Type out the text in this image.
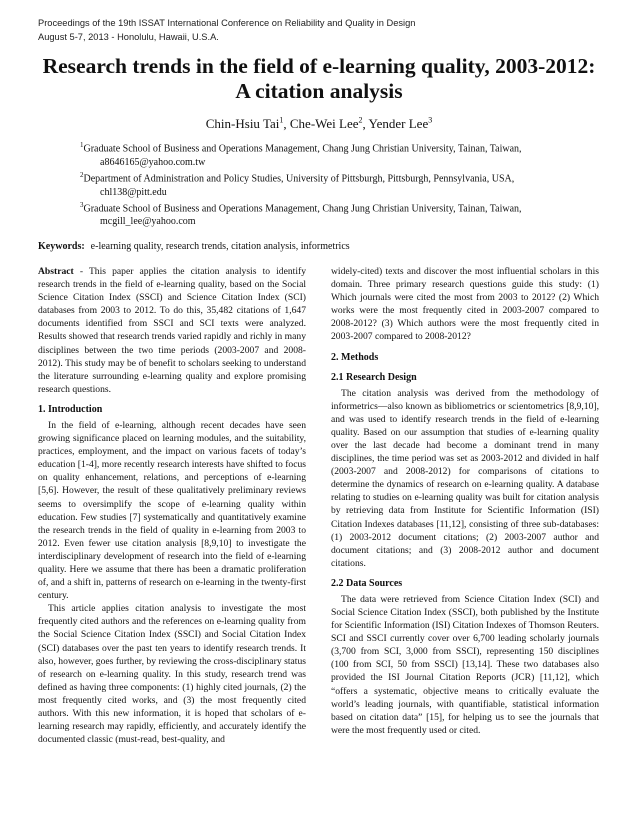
Proceedings of the 19th ISSAT International Conference on Reliability and Quality in Design
August 5-7, 2013 - Honolulu, Hawaii, U.S.A.
Research trends in the field of e-learning quality, 2003-2012:
A citation analysis
Chin-Hsiu Tai$^1$, Che-Wei Lee$^2$, Yender Lee$^3$
$^1$Graduate School of Business and Operations Management, Chang Jung Christian University, Tainan, Taiwan,
a8646165@yahoo.com.tw
$^2$Department of Administration and Policy Studies, University of Pittsburgh, Pittsburgh, Pennsylvania, USA,
chl138@pitt.edu
$^3$Graduate School of Business and Operations Management, Chang Jung Christian University, Tainan, Taiwan,
mcgill_lee@yahoo.com
Keywords: e-learning quality, research trends, citation analysis, informetrics

Abstract - This paper applies the citation analysis to identify research trends in the field of e-learning quality, based on the Social Science Citation Index (SSCI) and Science Citation Index (SCI) databases from 2003 to 2012. To do this, 35,482 citations of 1,647 documents identified from SSCI and SCI texts were analyzed. Results showed that research trends varied rapidly and richly in many disciplines between the two time periods (2003-2007 and 2008-2012). This study may be of benefit to scholars seeking to understand the literature surrounding e-learning quality and explore promising research questions.

1. Introduction

In the field of e-learning, although recent decades have seen growing significance placed on learning modules, and the suitability, practices, employment, and the impact on various facets of today’s education [1-4], more recently research interests have shifted to focus on quality enhancement, relations, and perceptions of e-learning [5,6]. However, the result of these qualitatively preliminary reviews seems to oversimplify the scope of e-learning quality within education. Few studies [7] systematically and quantitatively examine the research trends in the field of quality in e-learning from 2003 to 2012. Even fewer use citation analysis [8,9,10] to investigate the interdisciplinary development of research into the field of e-learning quality. Here we assume that there has been a dramatic proliferation of, and a shift in, patterns of research on e-learning in the twenty-first century.

This article applies citation analysis to investigate the most frequently cited authors and the references on e-learning quality from the Social Science Citation Index (SSCI) and Social Citation Index (SCI) databases over the past ten years to identify research trends. It also, however, goes further, by reviewing the cross-disciplinary status of research on e-learning quality. In this study, research trend was defined as having three components: (1) highly cited journals, (2) the most frequently cited works, and (3) the most frequently cited authors. With this new information, it is hoped that scholars of e-learning research may rapidly, efficiently, and accurately identify the documented classic (must-read, best-quality, and

widely-cited) texts and discover the most influential scholars in this domain. Three primary research questions guide this study: (1) Which journals were cited the most from 2003 to 2012? (2) Which works were the most frequently cited in 2003-2007 compared to 2008-2012? (3) Which authors were the most frequently cited in 2003-2007 compared to 2008-2012?

2. Methods
2.1 Research Design

The citation analysis was derived from the methodology of informetrics—also known as bibliometrics or scientometrics [8,9,10], and was used to identify research trends in the field of e-learning quality. Based on our assumption that studies of e-learning quality over the last decade had become a dominant trend in many disciplines, the time period was set as 2003-2012 and divided in half (2003-2007 and 2008-2012) for comparisons of citations to determine the dynamics of research on e-learning quality. A database relating to studies on e-learning quality was built for citation analysis by retrieving data from Institute for Scientific Information (ISI) Citation Indexes databases [11,12], consisting of three sub-databases: (1) 2003-2012 document citations; (2) 2003-2007 author and document citations; and (3) 2008-2012 author and document citations.

2.2 Data Sources

The data were retrieved from Science Citation Index (SCI) and Social Science Citation Index (SSCI), both published by the Institute for Scientific Information (ISI) Citation Indexes of Thomson Reuters. SCI and SSCI currently cover over 6,700 leading scholarly journals (3,700 from SCI, 3,000 from SSCI), representing 150 disciplines (100 from SCI, 50 from SSCI) [13,14]. These two databases also provided the ISI Journal Citation Reports (JCR) [11,12], which “offers a systematic, objective means to critically evaluate the world’s leading journals, with quantifiable, statistical information based on citation data” [15], for helping us to see the journals that were the most frequently used or cited.
